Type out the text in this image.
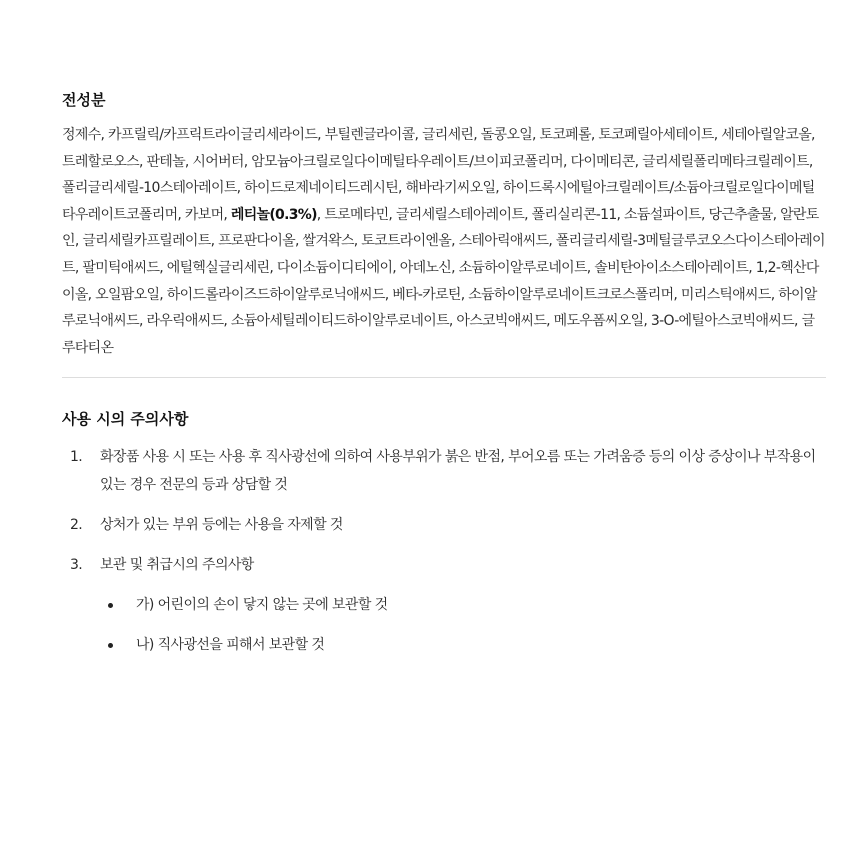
전성분

정제수, 카프릴릭/카프릭트라이글리세라이드, 부틸렌글라이콜, 글리세린, 돌콩오일, 토코페롤, 토코페릴아세테이트, 세테아릴알코올, 트레할로오스, 판테놀, 시어버터, 암모늄아크릴로일다이메틸타우레이트/브이피코폴리머, 다이메티콘, 글리세릴폴리메타크릴레이트, 폴리글리세릴-10스테아레이트, 하이드로제네이티드레시틴, 해바라기씨오일, 하이드록시에틸아크릴레이트/소듐아크릴로일다이메틸타우레이트코폴리머, 카보머, 레티놀(0.3%), 트로메타민, 글리세릴스테아레이트, 폴리실리콘-11, 소듐설파이트, 당근추출물, 알란토인, 글리세릴카프릴레이트, 프로판다이올, 쌀겨왁스, 토코트라이엔올, 스테아릭애씨드, 폴리글리세릴-3메틸글루코오스다이스테아레이트, 팔미틱애씨드, 에틸헥실글리세린, 다이소듐이디티에이, 아데노신, 소듐하이알루로네이트, 솔비탄아이소스테아레이트, 1,2-헥산다이올, 오일팜오일, 하이드롤라이즈드하이알루로닉애씨드, 베타-카로틴, 소듐하이알루로네이트크로스폴리머, 미리스틱애씨드, 하이알루로닉애씨드, 라우릭애씨드, 소듐아세틸레이티드하이알루로네이트, 아스코빅애씨드, 메도우폼씨오일, 3-O-에틸아스코빅애씨드, 글루타티온

사용 시의 주의사항
1.	화장품 사용 시 또는 사용 후 직사광선에 의하여 사용부위가 붉은 반점, 부어오름 또는 가려움증 등의 이상 증상이나 부작용이 있는 경우 전문의 등과 상담할 것
2.	상처가 있는 부위 등에는 사용을 자제할 것
3.	보관 및 취급시의 주의사항
가) 어린이의 손이 닿지 않는 곳에 보관할 것
나) 직사광선을 피해서 보관할 것
